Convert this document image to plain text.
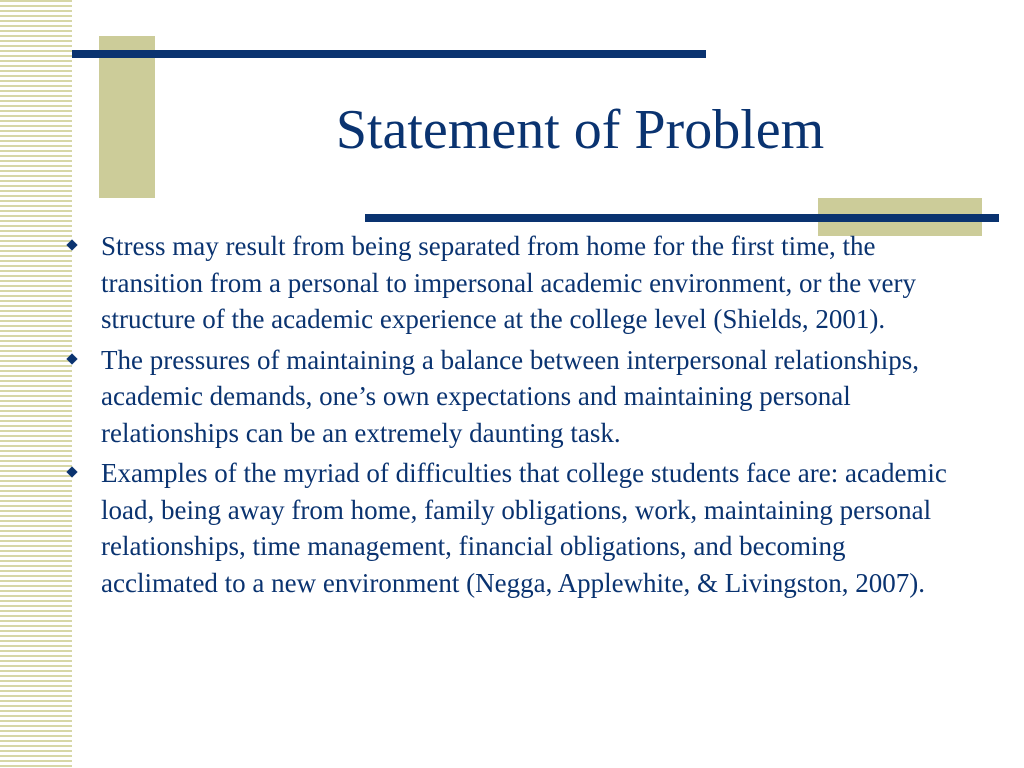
Statement of Problem
Stress may result from being separated from home for the first time, the transition from a personal to impersonal academic environment, or the very structure of the academic experience at the college level (Shields, 2001).
The pressures of maintaining a balance between interpersonal relationships, academic demands, one’s own expectations and maintaining personal relationships can be an extremely daunting task.
Examples of the myriad of difficulties that college students face are: academic load, being away from home, family obligations, work, maintaining personal relationships, time management, financial obligations, and becoming acclimated to a new environment (Negga, Applewhite, & Livingston, 2007).
